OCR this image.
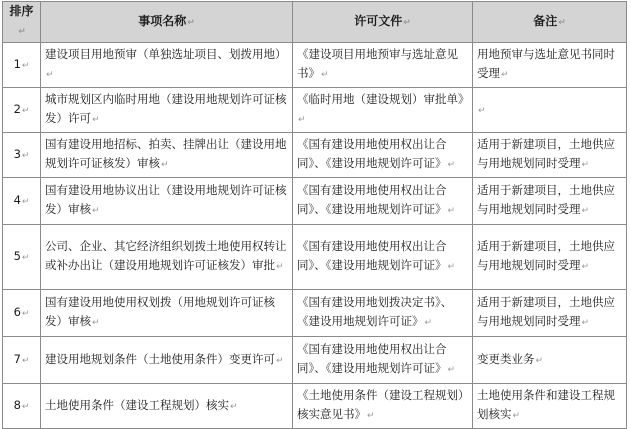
排序↵	事项名称↵	许可文件↵	备注↵
1↵	建设项目用地预审（单独选址项目、划拨用地）↵	《建设项目用地预审与选址意见书》↵	用地预审与选址意见书同时受理↵
2↵	城市规划区内临时用地（建设用地规划许可证核发）许可↵	《临时用地（建设规划）审批单》↵	↵
3↵	国有建设用地招标、拍卖、挂牌出让（建设用地规划许可证核发）审核↵	《国有建设用地使用权出让合同》、《建设用地规划许可证》↵	适用于新建项目，土地供应与用地规划同时受理↵
4↵	国有建设用地协议出让（建设用地规划许可证核发）审核↵	《国有建设用地使用权出让合同》、《建设用地规划许可证》↵	适用于新建项目，土地供应与用地规划同时受理↵
5↵	公司、企业、其它经济组织划拨土地使用权转让或补办出让（建设用地规划许可证核发）审批↵	《国有建设用地使用权出让合同》、《建设用地规划许可证》↵	适用于新建项目，土地供应与用地规划同时受理↵
6↵	国有建设用地使用权划拨（用地规划许可证核发）审核↵	《国有建设用地划拨决定书》、《建设用地规划许可证》↵	适用于新建项目，土地供应与用地规划同时受理↵
7↵	建设用地规划条件（土地使用条件）变更许可↵	《国有建设用地使用权出让合同》、《建设用地规划许可证》↵	变更类业务↵
8↵	土地使用条件（建设工程规划）核实↵	《土地使用条件（建设工程规划）核实意见书》↵	土地使用条件和建设工程规划核实↵
